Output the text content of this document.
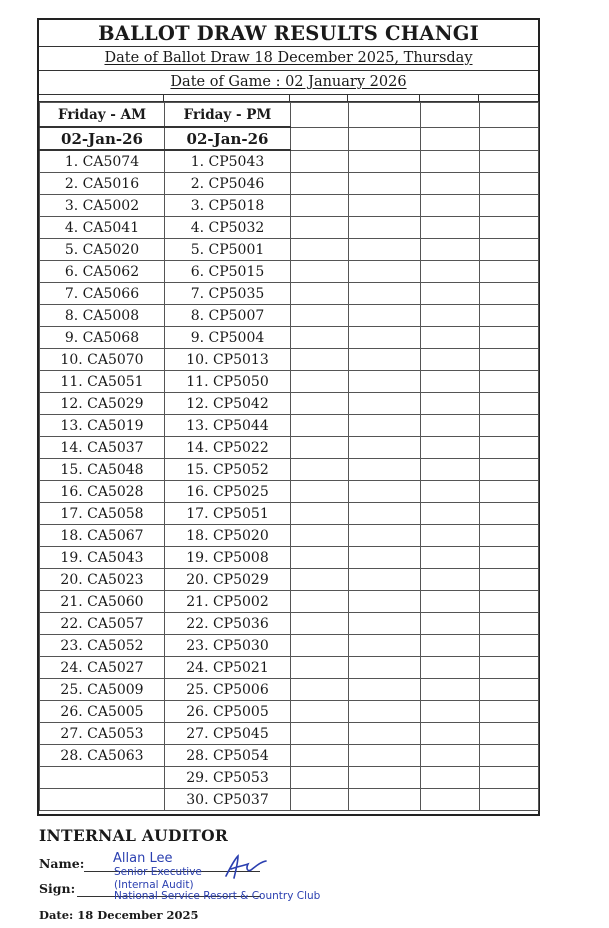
BALLOT DRAW RESULTS CHANGI
Date of Ballot Draw 18 December 2025, Thursday
Date of Game : 02 January 2026
Friday - AM	Friday - PM				
02-Jan-26	02-Jan-26				
1. CA5074	1. CP5043				
2. CA5016	2. CP5046				
3. CA5002	3. CP5018				
4. CA5041	4. CP5032				
5. CA5020	5. CP5001				
6. CA5062	6. CP5015				
7. CA5066	7. CP5035				
8. CA5008	8. CP5007				
9. CA5068	9. CP5004				
10. CA5070	10. CP5013				
11. CA5051	11. CP5050				
12. CA5029	12. CP5042				
13. CA5019	13. CP5044				
14. CA5037	14. CP5022				
15. CA5048	15. CP5052				
16. CA5028	16. CP5025				
17. CA5058	17. CP5051				
18. CA5067	18. CP5020				
19. CA5043	19. CP5008				
20. CA5023	20. CP5029				
21. CA5060	21. CP5002				
22. CA5057	22. CP5036				
23. CA5052	23. CP5030				
24. CA5027	24. CP5021				
25. CA5009	25. CP5006				
26. CA5005	26. CP5005				
27. CA5053	27. CP5045				
28. CA5063	28. CP5054				
	29. CP5053				
	30. CP5037				
INTERNAL AUDITOR
Name:
Sign:
Date: 18 December 2025
Allan Lee
Senior Executive
(Internal Audit)
National Service Resort & Country Club
